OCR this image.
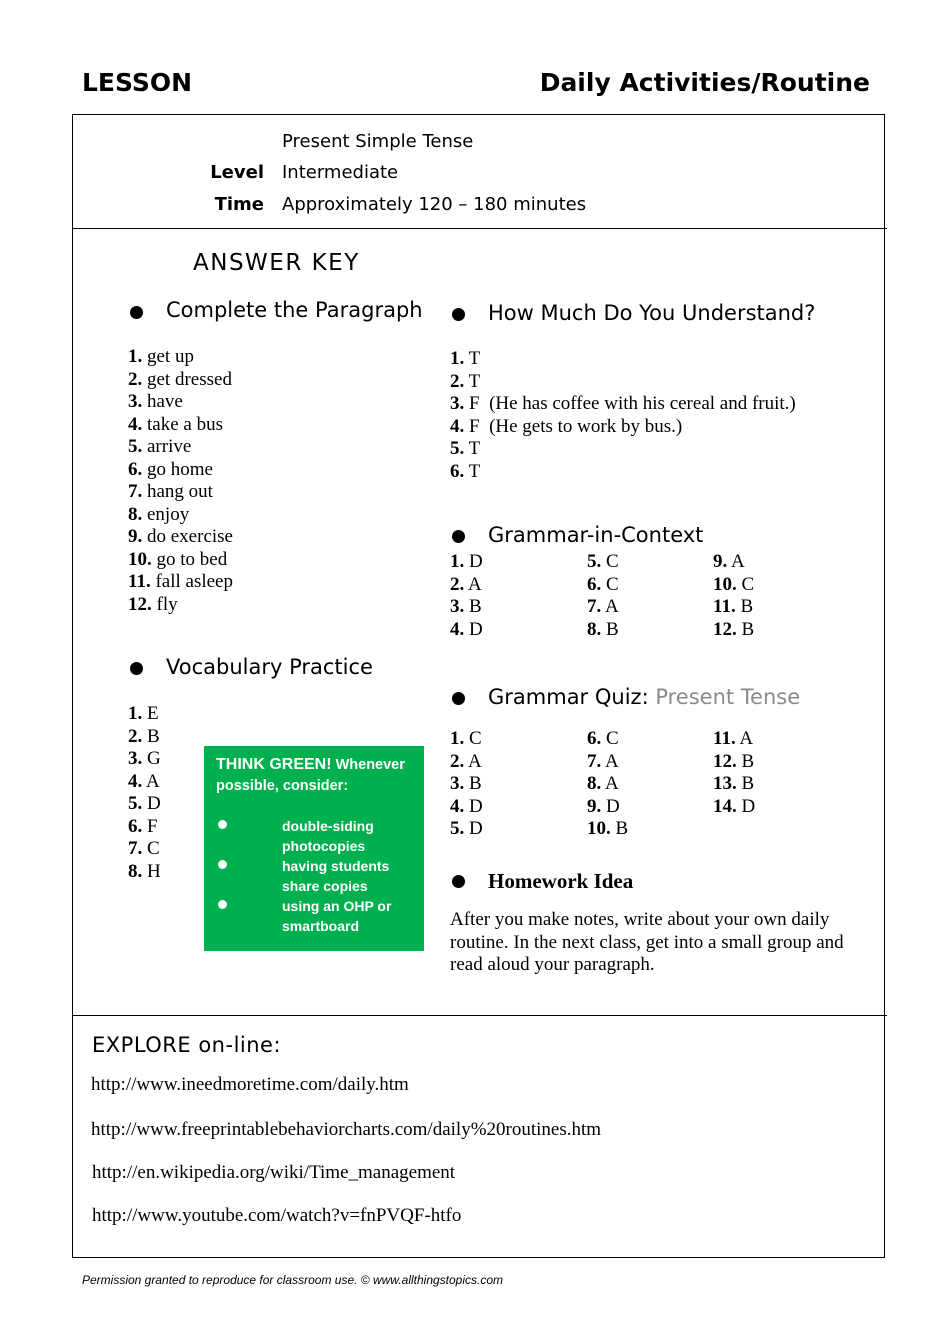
LESSON	Daily Activities/Routine
Level Intermediate
Time Approximately 120 – 180 minutes
Present Simple Tense
ANSWER KEY
Complete the Paragraph
1. get up
2. get dressed
3. have
4. take a bus
5. arrive
6. go home
7. hang out
8. enjoy
9. do exercise
10. go to bed
11. fall asleep
12. fly
Vocabulary Practice
1. E
2. B
3. G
4. A
5. D
6. F
7. C
8. H
THINK GREEN! Whenever possible, consider:
double-siding photocopies
having students share copies
using an OHP or smartboard
How Much Do You Understand?
1. T
2. T
3. F  (He has coffee with his cereal and fruit.)
4. F  (He gets to work by bus.)
5. T
6. T
Grammar-in-Context
1. D
2. A
3. B
4. D
5. C
6. C
7. A
8. B
9. A
10. C
11. B
12. B
Grammar Quiz: Present Tense
1. C
2. A
3. B
4. D
5. D
6. C
7. A
8. A
9. D
10. B
11. A
12. B
13. B
14. D
Homework Idea
After you make notes, write about your own daily routine. In the next class, get into a small group and read aloud your paragraph.
EXPLORE on-line:
http://www.ineedmoretime.com/daily.htm
http://www.freeprintablebehaviorcharts.com/daily%20routines.htm
http://en.wikipedia.org/wiki/Time_management
http://www.youtube.com/watch?v=fnPVQF-htfo
Permission granted to reproduce for classroom use. © www.allthingstopics.com
